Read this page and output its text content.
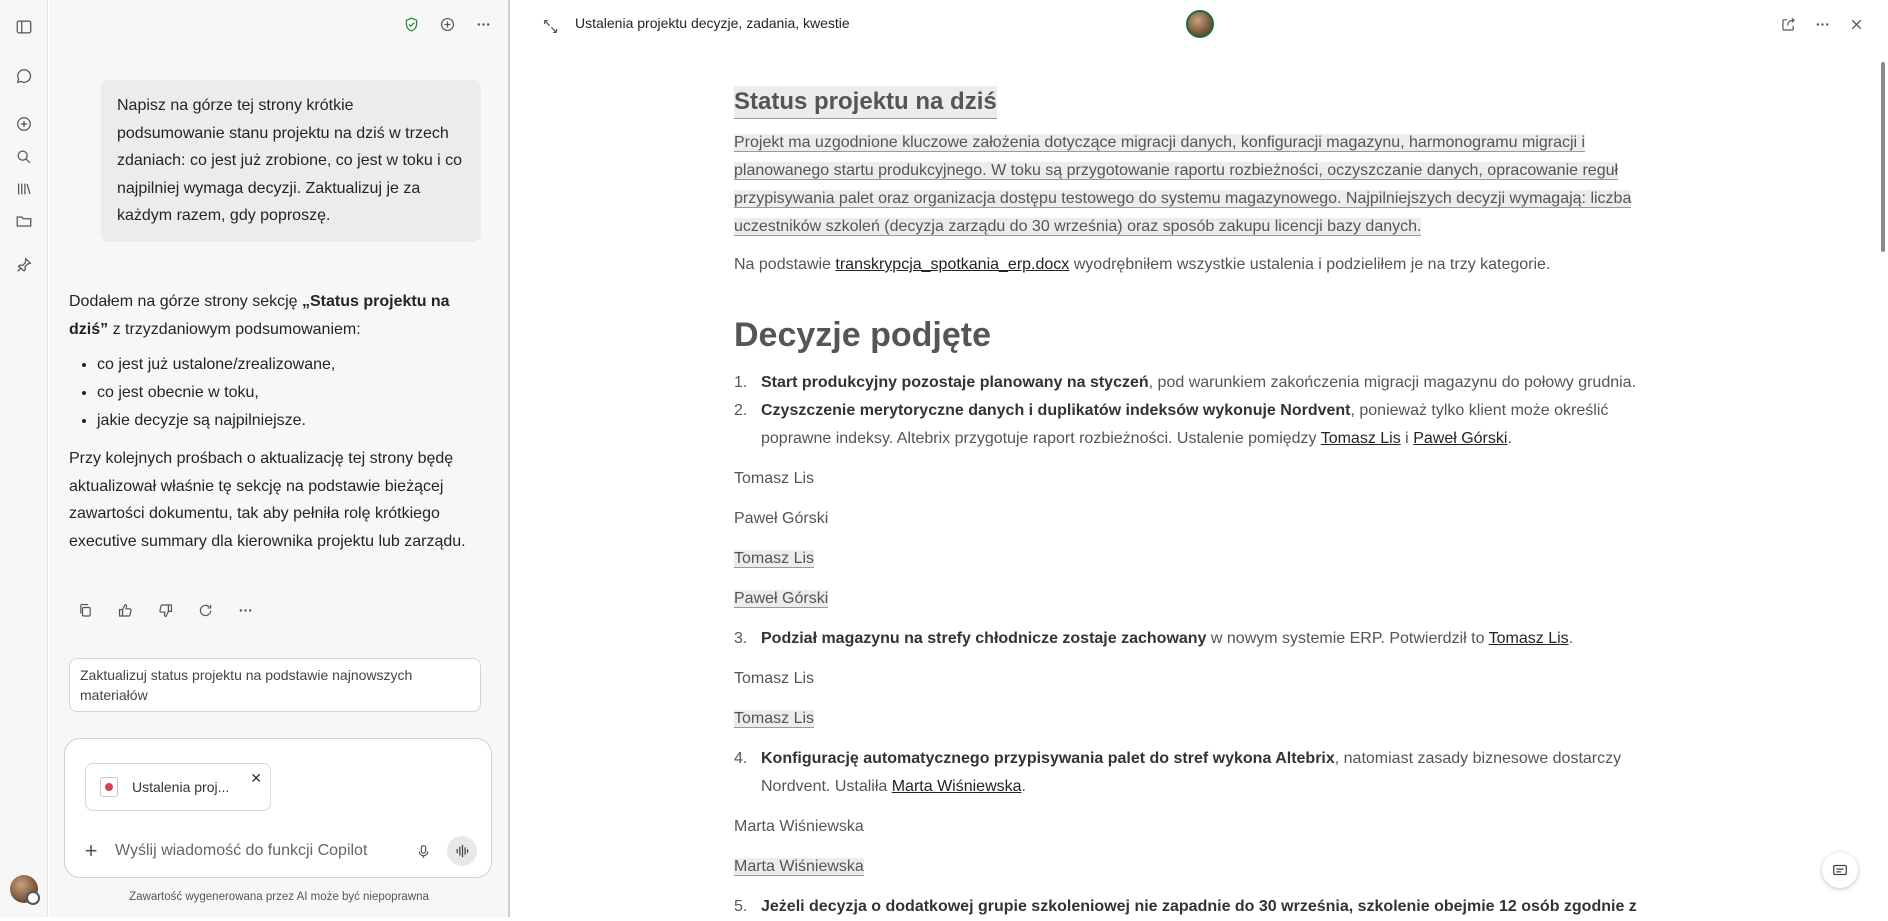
Napisz na górze tej strony krótkie podsumowanie stanu projektu na dziś w trzech zdaniach: co jest już zrobione, co jest w toku i co najpilniej wymaga decyzji. Zaktualizuj je za każdym razem, gdy poproszę.

Dodałem na górze strony sekcję „Status projektu na dziś” z trzyzdaniowym podsumowaniem:

• co jest już ustalone/zrealizowane,
• co jest obecnie w toku,
• jakie decyzje są najpilniejsze.

Przy kolejnych prośbach o aktualizację tej strony będę aktualizował właśnie tę sekcję na podstawie bieżącej zawartości dokumentu, tak aby pełniła rolę krótkiego executive summary dla kierownika projektu lub zarządu.

Zaktualizuj status projektu na podstawie najnowszych materiałów
Ustalenia proj...
✕
+
Wyślij wiadomość do funkcji Copilot
Zawartość wygenerowana przez AI może być niepoprawna
Ustalenia projektu decyzje, zadania, kwestie
Status projektu na dziś

Projekt ma uzgodnione kluczowe założenia dotyczące migracji danych, konfiguracji magazynu, harmonogramu migracji i planowanego startu produkcyjnego. W toku są przygotowanie raportu rozbieżności, oczyszczanie danych, opracowanie reguł przypisywania palet oraz organizacja dostępu testowego do systemu magazynowego. Najpilniejszych decyzji wymagają: liczba uczestników szkoleń (decyzja zarządu do 30 września) oraz sposób zakupu licencji bazy danych.

Na podstawie transkrypcja_spotkania_erp.docx wyodrębniłem wszystkie ustalenia i podzieliłem je na trzy kategorie.

Decyzje podjęte
1. Start produkcyjny pozostaje planowany na styczeń, pod warunkiem zakończenia migracji magazynu do połowy grudnia.
2. Czyszczenie merytoryczne danych i duplikatów indeksów wykonuje Nordvent, ponieważ tylko klient może określić poprawne indeksy. Altebrix przygotuje raport rozbieżności. Ustalenie pomiędzy Tomasz Lis i Paweł Górski.

Tomasz Lis

Paweł Górski

Tomasz Lis

Paweł Górski

3. Podział magazynu na strefy chłodnicze zostaje zachowany w nowym systemie ERP. Potwierdził to Tomasz Lis.

Tomasz Lis

Tomasz Lis

4. Konfigurację automatycznego przypisywania palet do stref wykona Altebrix, natomiast zasady biznesowe dostarczy Nordvent. Ustaliła Marta Wiśniewska.

Marta Wiśniewska

Marta Wiśniewska

5. Jeżeli decyzja o dodatkowej grupie szkoleniowej nie zapadnie do 30 września, szkolenie obejmie 12 osób zgodnie z
